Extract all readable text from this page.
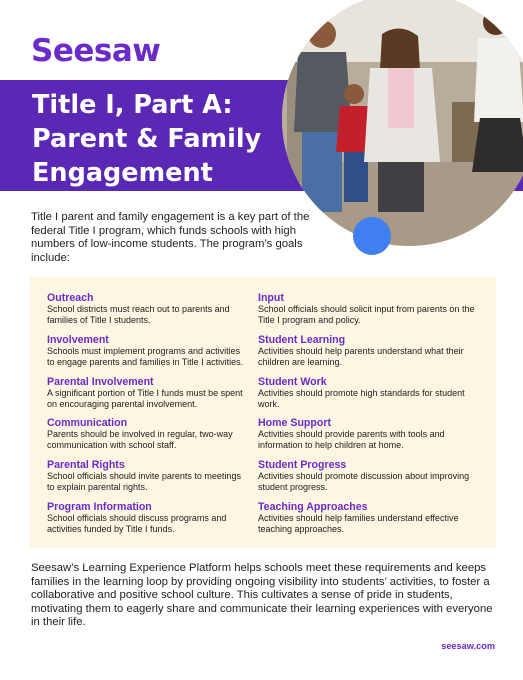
Seesaw
Title I, Part A:
Parent & Family
Engagement

Title I parent and family engagement is a key part of the federal Title I program, which funds schools with high numbers of low-income students. The program’s goals include:

Outreach
School districts must reach out to parents and families of Title I students.
Involvement
Schools must implement programs and activities to engage parents and families in Title I activities.
Parental Involvement
A significant portion of Title I funds must be spent on encouraging parental involvement.
Communication
Parents should be involved in regular, two-way communication with school staff.
Parental Rights
School officials should invite parents to meetings to explain parental rights.
Program Information
School officials should discuss programs and activities funded by Title I funds.
Input
School officials should solicit input from parents on the Title I program and policy.
Student Learning
Activities should help parents understand what their children are learning.
Student Work
Activities should promote high standards for student work.
Home Support
Activities should provide parents with tools and information to help children at home.
Student Progress
Activities should promote discussion about improving student progress.
Teaching Approaches
Activities should help families understand effective teaching approaches.

Seesaw’s Learning Experience Platform helps schools meet these requirements and keeps families in the learning loop by providing ongoing visibility into students’ activities, to foster a collaborative and positive school culture. This cultivates a sense of pride in students, motivating them to eagerly share and communicate their learning experiences with everyone in their life.

seesaw.com
